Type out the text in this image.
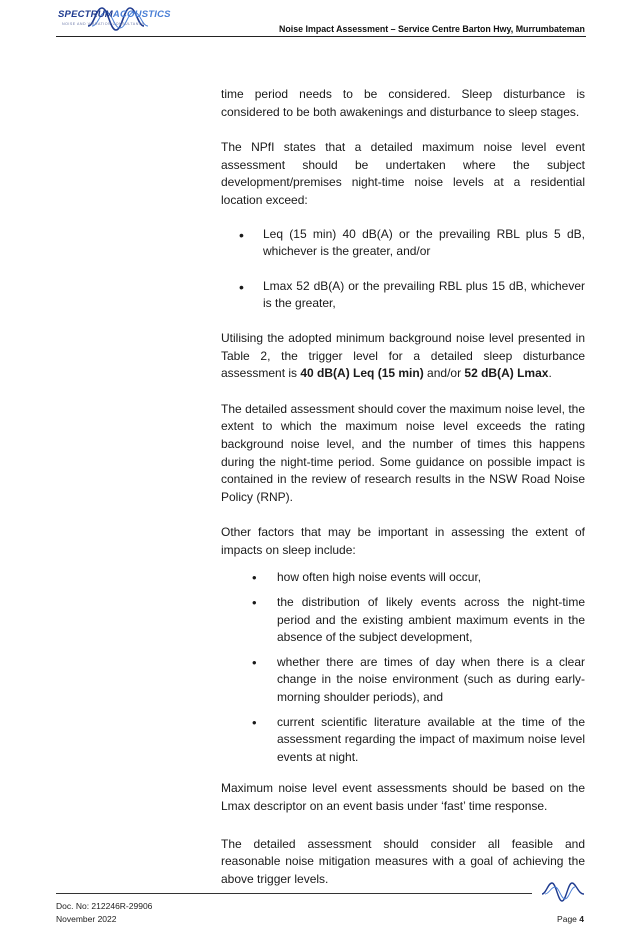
SPECTRUMACOUSTICS
NOISE AND VIBRATION CONSULTANTS	Noise Impact Assessment – Service Centre Barton Hwy, Murrumbateman

time period needs to be considered. Sleep disturbance is considered to be both awakenings and disturbance to sleep stages.

The NPfI states that a detailed maximum noise level event assessment should be undertaken where the subject development/premises night-time noise levels at a residential location exceed:

• Leq (15 min) 40 dB(A) or the prevailing RBL plus 5 dB, whichever is the greater, and/or
• Lmax 52 dB(A) or the prevailing RBL plus 15 dB, whichever is the greater,

Utilising the adopted minimum background noise level presented in Table 2, the trigger level for a detailed sleep disturbance assessment is 40 dB(A) Leq (15 min) and/or 52 dB(A) Lmax.

The detailed assessment should cover the maximum noise level, the extent to which the maximum noise level exceeds the rating background noise level, and the number of times this happens during the night-time period. Some guidance on possible impact is contained in the review of research results in the NSW Road Noise Policy (RNP).

Other factors that may be important in assessing the extent of impacts on sleep include:

• how often high noise events will occur,
• the distribution of likely events across the night-time period and the existing ambient maximum events in the absence of the subject development,
• whether there are times of day when there is a clear change in the noise environment (such as during early-morning shoulder periods), and
• current scientific literature available at the time of the assessment regarding the impact of maximum noise level events at night.

Maximum noise level event assessments should be based on the Lmax descriptor on an event basis under ‘fast’ time response.

The detailed assessment should consider all feasible and reasonable noise mitigation measures with a goal of achieving the above trigger levels.

Doc. No: 212246R-29906
November 2022	Page 4
